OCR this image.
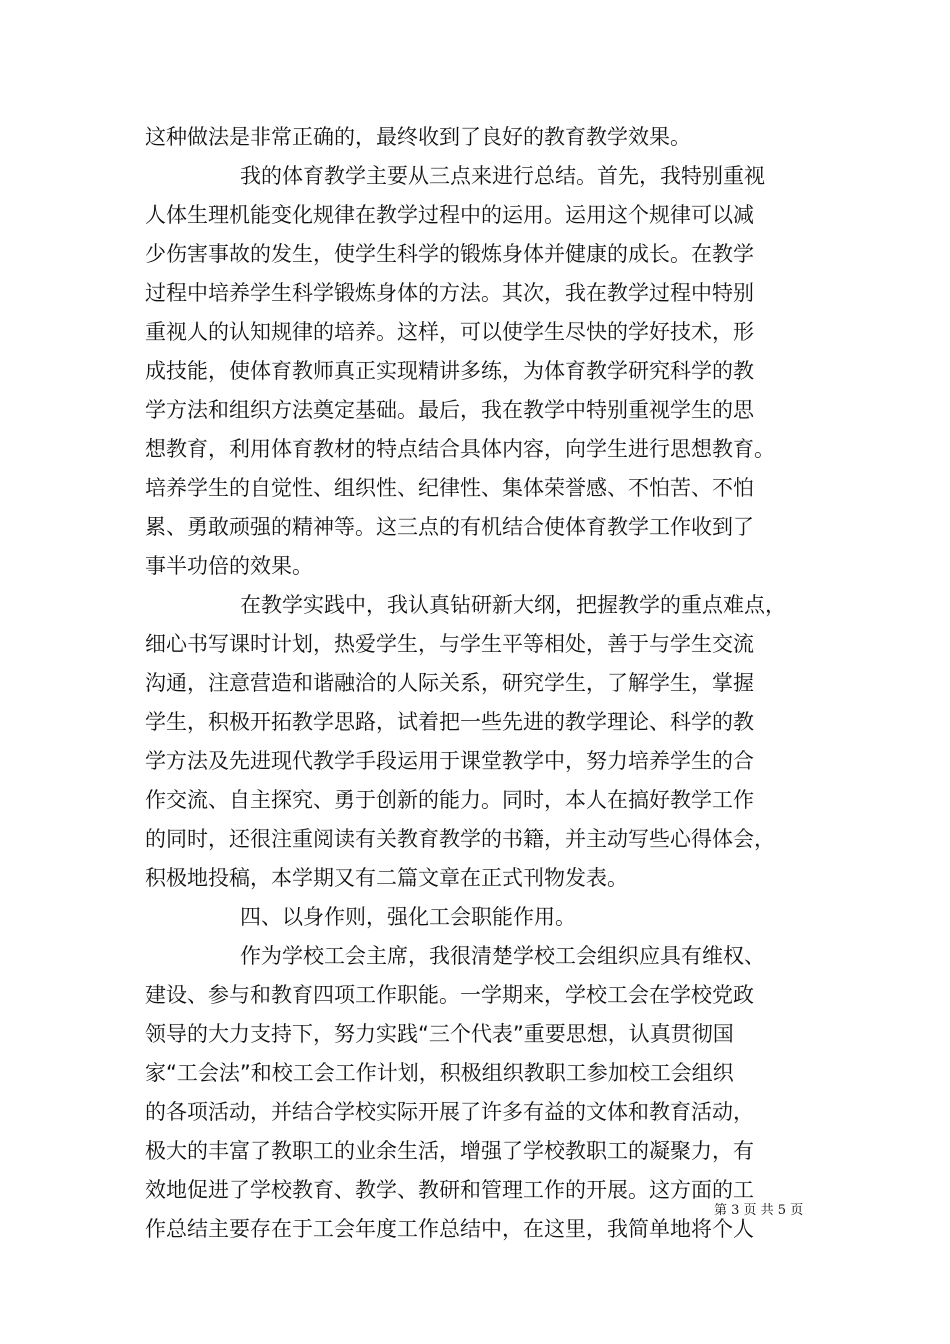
这种做法是非常正确的，最终收到了良好的教育教学效果。
我的体育教学主要从三点来进行总结。首先，我特别重视
人体生理机能变化规律在教学过程中的运用。运用这个规律可以减
少伤害事故的发生，使学生科学的锻炼身体并健康的成长。在教学
过程中培养学生科学锻炼身体的方法。其次，我在教学过程中特别
重视人的认知规律的培养。这样，可以使学生尽快的学好技术，形
成技能，使体育教师真正实现精讲多练，为体育教学研究科学的教
学方法和组织方法奠定基础。最后，我在教学中特别重视学生的思
想教育，利用体育教材的特点结合具体内容，向学生进行思想教育。
培养学生的自觉性、组织性、纪律性、集体荣誉感、不怕苦、不怕
累、勇敢顽强的精神等。这三点的有机结合使体育教学工作收到了
事半功倍的效果。
在教学实践中，我认真钻研新大纲，把握教学的重点难点，
细心书写课时计划，热爱学生，与学生平等相处，善于与学生交流
沟通，注意营造和谐融洽的人际关系，研究学生，了解学生，掌握
学生，积极开拓教学思路，试着把一些先进的教学理论、科学的教
学方法及先进现代教学手段运用于课堂教学中，努力培养学生的合
作交流、自主探究、勇于创新的能力。同时，本人在搞好教学工作
的同时，还很注重阅读有关教育教学的书籍，并主动写些心得体会，
积极地投稿，本学期又有二篇文章在正式刊物发表。
四、以身作则，强化工会职能作用。
作为学校工会主席，我很清楚学校工会组织应具有维权、
建设、参与和教育四项工作职能。一学期来，学校工会在学校党政
领导的大力支持下，努力实践“三个代表”重要思想，认真贯彻国
家“工会法”和校工会工作计划，积极组织教职工参加校工会组织
的各项活动，并结合学校实际开展了许多有益的文体和教育活动，
极大的丰富了教职工的业余生活，增强了学校教职工的凝聚力，有
效地促进了学校教育、教学、教研和管理工作的开展。这方面的工
作总结主要存在于工会年度工作总结中，在这里，我简单地将个人
第 3 页 共 5 页
